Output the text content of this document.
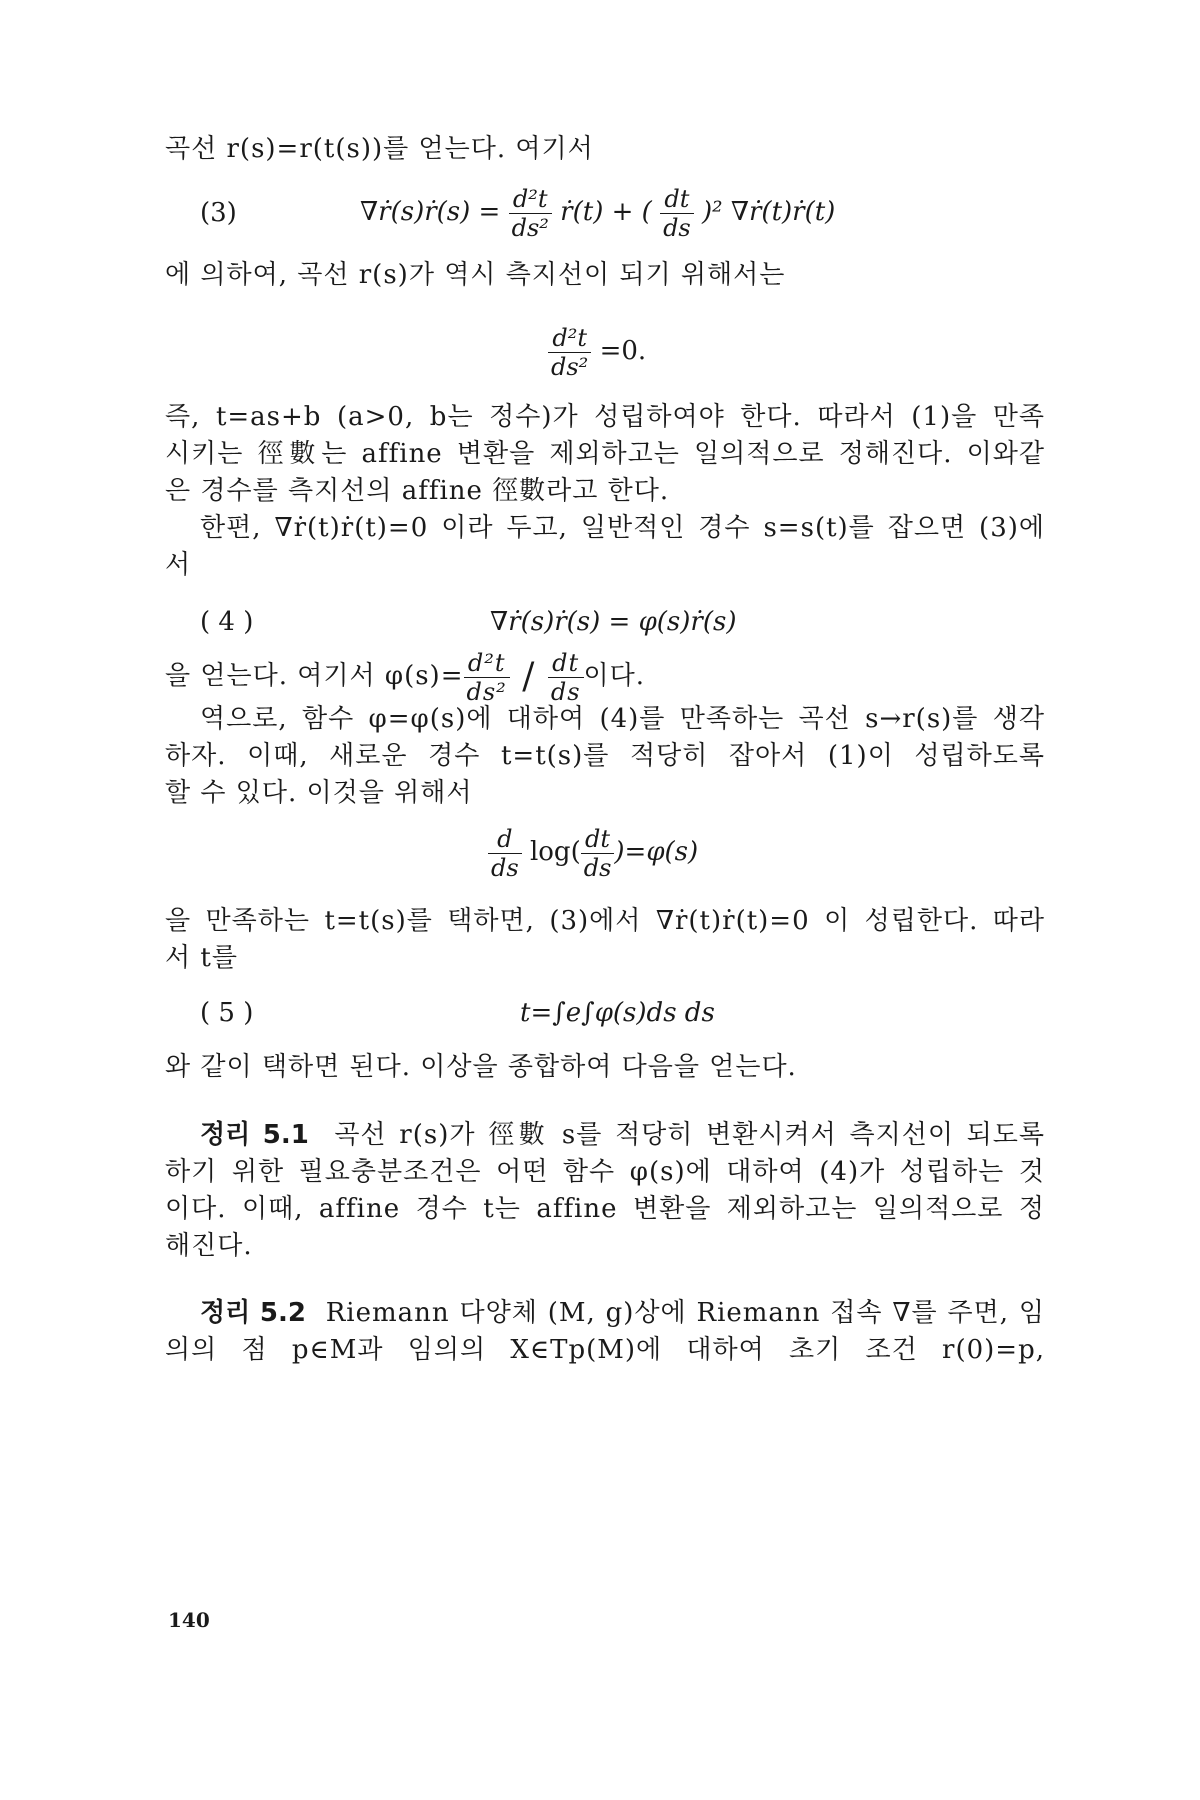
곡선 r(s)=r(t(s))를 얻는다. 여기서
(3)	∇ṙ(s)ṙ(s) = $\frac{\text{d²t}}{\text{ds²}}$ ṙ(t) + ( $\frac{dt}{ds} )^2$ ∇ṙ(t)ṙ(t)
에 의하여, 곡선 r(s)가 역시 측지선이 되기 위해서는
$\frac{\text{d²t}}{\text{ds²}} =0$.
즉, t=as+b (a>0, b는 정수)가 성립하여야 한다. 따라서 (1)을 만족
시키는 徑數는 affine 변환을 제외하고는 일의적으로 정해진다. 이와같
은 경수를 측지선의 affine 徑數라고 한다.
한편, ∇ṙ(t)ṙ(t)=0 이라 두고, 일반적인 경수 s=s(t)를 잡으면 (3)에
서
( 4 )	∇ṙ(s)ṙ(s) = φ(s)ṙ(s)
을 얻는다. 여기서 $\varphi(s)= \frac{\text{d²t}}{\text{ds²}} / \frac{dt}{ds}$ 이다.
역으로, 함수 φ=φ(s)에 대하여 (4)를 만족하는 곡선 s→r(s)를 생각
하자. 이때, 새로운 경수 t=t(s)를 적당히 잡아서 (1)이 성립하도록
할 수 있다. 이것을 위해서
$\frac{d}{ds} \log( \frac{dt}{ds} )=\varphi(s)$
을 만족하는 t=t(s)를 택하면, (3)에서 ∇ṙ(t)ṙ(t)=0 이 성립한다. 따라
서 t를
( 5 )	t=∫e∫φ(s)ds ds
와 같이 택하면 된다. 이상을 종합하여 다음을 얻는다.
정리 5.1 곡선 r(s)가 徑數 s를 적당히 변환시켜서 측지선이 되도록
하기 위한 필요충분조건은 어떤 함수 φ(s)에 대하여 (4)가 성립하는 것
이다. 이때, affine 경수 t는 affine 변환을 제외하고는 일의적으로 정
해진다.
정리 5.2 Riemann 다양체 (M, g)상에 Riemann 접속 ∇를 주면, 임
의의 점 p∈M과 임의의 X∈Tp(M)에 대하여 초기 조건 r(0)=p,
140
